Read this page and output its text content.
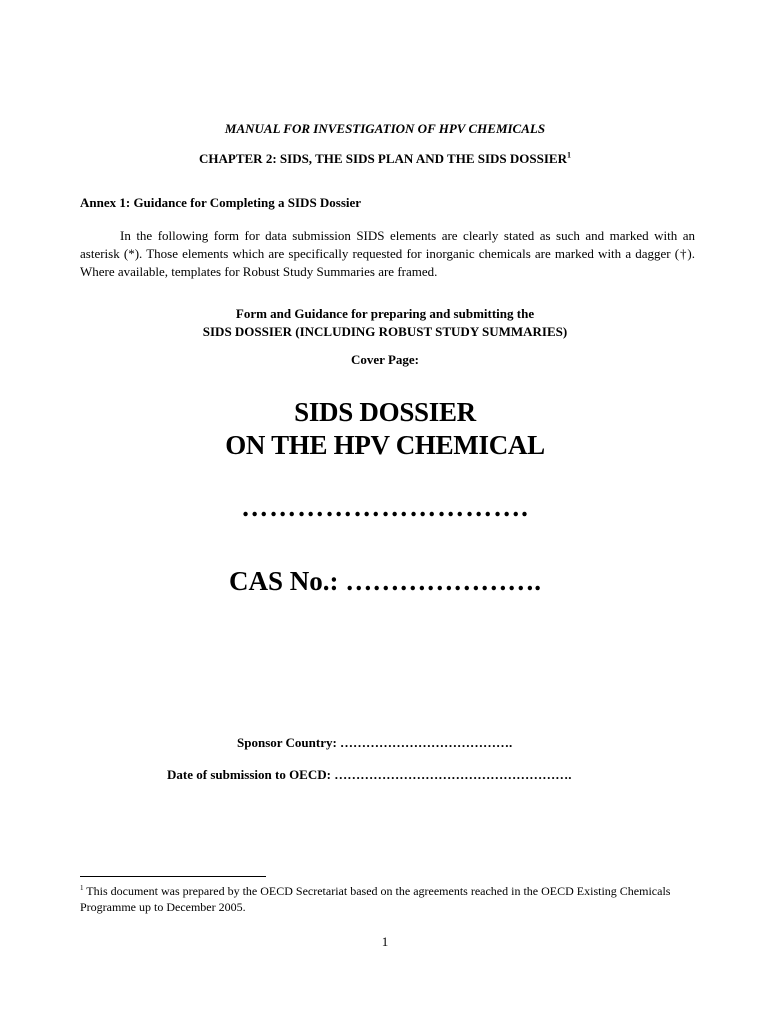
MANUAL FOR INVESTIGATION OF HPV CHEMICALS
CHAPTER 2: SIDS, THE SIDS PLAN AND THE SIDS DOSSIER$^1$
Annex 1: Guidance for Completing a SIDS Dossier
In the following form for data submission SIDS elements are clearly stated as such and marked with an asterisk (*). Those elements which are specifically requested for inorganic chemicals are marked with a dagger (†). Where available, templates for Robust Study Summaries are framed.
Form and Guidance for preparing and submitting the
SIDS DOSSIER (INCLUDING ROBUST STUDY SUMMARIES)
Cover Page:
SIDS DOSSIER
ON THE HPV CHEMICAL
………………………….
CAS No.: ………………….
Sponsor Country: ………………………………….
Date of submission to OECD: ……………………………………………….
$^1$ This document was prepared by the OECD Secretariat based on the agreements reached in the OECD Existing Chemicals Programme up to December 2005.
1
